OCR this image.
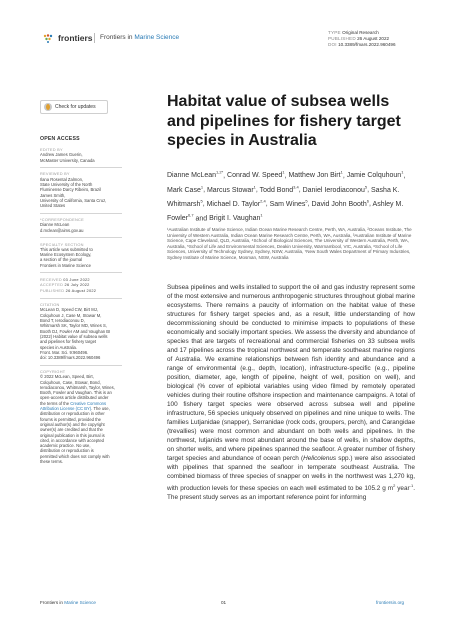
frontiers Frontiers in Marine Science
TYPE Original Research
PUBLISHED 26 August 2022
DOI 10.3389/fmars.2022.960496
Check for updates
OPEN ACCESS
EDITED BY
Andrew James Guerin,
McMaster University, Canada
REVIEWED BY
Ilana Rosental Zalmon,
State University of the North
Fluminense Darcy Ribeiro, Brazil
James Smith,
University of California, Santa Cruz,
United States
*CORRESPONDENCE
Dianne McLean
d.mclean@aims.gov.au
SPECIALTY SECTION
This article was submitted to
Marine Ecosystem Ecology,
a section of the journal
Frontiers in Marine Science
RECEIVED 03 June 2022
ACCEPTED 26 July 2022
PUBLISHED 26 August 2022
CITATION
McLean D, Speed CW, Birt MJ,
Colquhoun J, Case M, Stowar M,
Bond T, Ierodiaconou D,
Whitmarsh SK, Taylor MD, Wines S,
Booth DJ, Fowler AM and Vaughan BI
(2022) Habitat value of subsea wells
and pipelines for fishery target
species in Australia.
Front. Mar. Sci. 9:960496.
doi: 10.3389/fmars.2022.960496
COPYRIGHT
© 2022 McLean, Speed, Birt,
Colquhoun, Case, Stowar, Bond,
Ierodiaconou, Whitmarsh, Taylor, Wines,
Booth, Fowler and Vaughan. This is an
open-access article distributed under
the terms of the Creative Commons
Attribution License (CC BY). The use,
distribution or reproduction in other
forums is permitted, provided the
original author(s) and the copyright
owner(s) are credited and that the
original publication in this journal is
cited, in accordance with accepted
academic practice. No use,
distribution or reproduction is
permitted which does not comply with
these terms.
Habitat value of subsea wells and pipelines for fishery target species in Australia
Dianne McLean$^{1,2*}$, Conrad W. Speed$^1$, Matthew Jon Birt$^1$, Jamie Colquhoun$^1$, Mark Case$^1$, Marcus Stowar$^1$, Todd Bond$^{3,4}$, Daniel Ierodiaconou$^5$, Sasha K. Whitmarsh$^5$, Michael D. Taylor$^{2,4}$, Sam Wines$^5$, David John Booth$^6$, Ashley M. Fowler$^{6,7}$ and Brigit I. Vaughan$^1$
¹Australian Institute of Marine Science, Indian Ocean Marine Research Centre, Perth, WA, Australia, ²Oceans Institute, The University of Western Australia, Indian Ocean Marine Research Centre, Perth, WA, Australia, ³Australian Institute of Marine Science, Cape Cleveland, QLD, Australia, ⁴School of Biological Sciences, The University of Western Australia, Perth, WA, Australia, ⁵School of Life and Environmental Sciences, Deakin University, Warrnambool, VIC, Australia, ⁶School of Life Sciences, University of Technology Sydney, Sydney, NSW, Australia, ⁷New South Wales Department of Primary Industries, Sydney Institute of Marine Science, Mosman, NSW, Australia
Subsea pipelines and wells installed to support the oil and gas industry represent some of the most extensive and numerous anthropogenic structures throughout global marine ecosystems. There remains a paucity of information on the habitat value of these structures for fishery target species and, as a result, little understanding of how decommissioning should be conducted to minimise impacts to populations of these economically and socially important species. We assess the diversity and abundance of species that are targets of recreational and commercial fisheries on 33 subsea wells and 17 pipelines across the tropical northwest and temperate southeast marine regions of Australia. We examine relationships between fish identity and abundance and a range of environmental (e.g., depth, location), infrastructure-specific (e.g., pipeline position, diameter, age, length of pipeline, height of well, position on well), and biological (% cover of epibiotal variables using video filmed by remotely operated vehicles during their routine offshore inspection and maintenance campaigns. A total of 100 fishery target species were observed across subsea well and pipeline infrastructure, 56 species uniquely observed on pipelines and nine unique to wells. The families Lutjanidae (snapper), Serranidae (rock cods, groupers, perch), and Carangidae (trevallies) were most common and abundant on both wells and pipelines. In the northwest, lutjanids were most abundant around the base of wells, in shallow depths, on shorter wells, and where pipelines spanned the seafloor. A greater number of fishery target species and abundance of ocean perch (Helicolenus spp.) were also associated with pipelines that spanned the seafloor in temperate southeast Australia. The combined biomass of three species of snapper on wells in the northwest was 1,270 kg, with production levels for these species on each well estimated to be 105.2 g $m^2$ year$^{-1}$. The present study serves as an important reference point for informing
Frontiers in Marine Science	01	frontiersin.org
